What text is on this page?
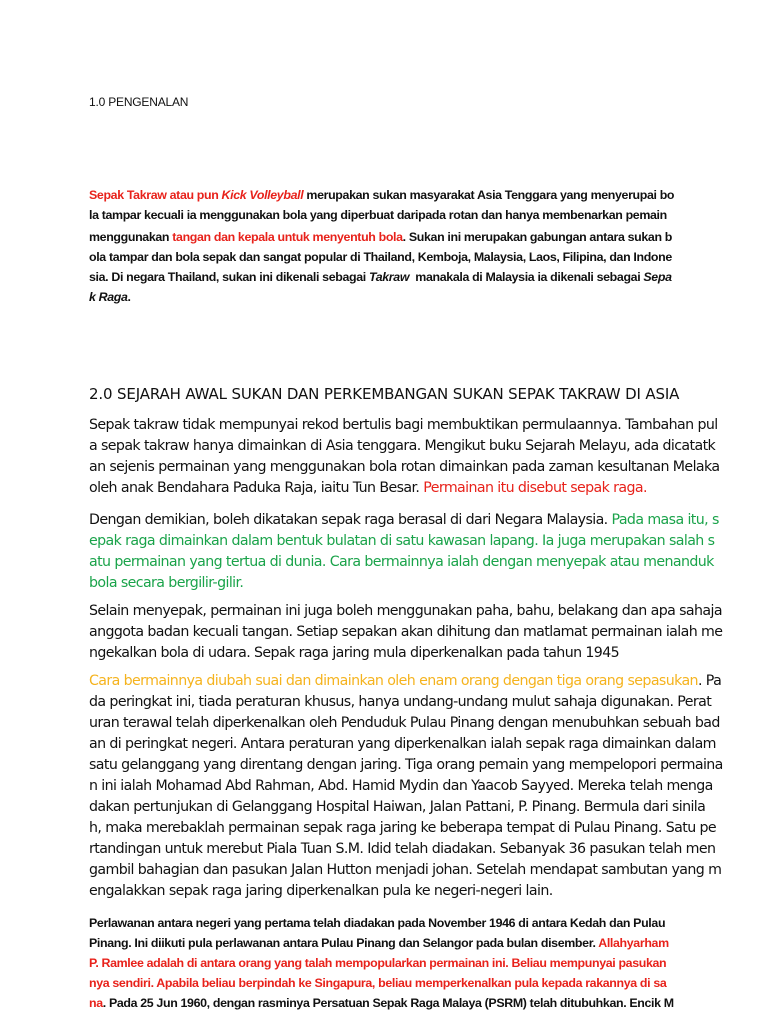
1.0 PENGENALAN
Sepak Takraw atau pun Kick Volleyball merupakan sukan masyarakat Asia Tenggara yang menyerupai bo
la tampar kecuali ia menggunakan bola yang diperbuat daripada rotan dan hanya membenarkan pemain
menggunakan tangan dan kepala untuk menyentuh bola. Sukan ini merupakan gabungan antara sukan b
ola tampar dan bola sepak dan sangat popular di Thailand, Kemboja, Malaysia, Laos, Filipina, dan Indone
sia. Di negara Thailand, sukan ini dikenali sebagai Takraw  manakala di Malaysia ia dikenali sebagai Sepa
k Raga.
2.0 SEJARAH AWAL SUKAN DAN PERKEMBANGAN SUKAN SEPAK TAKRAW DI ASIA
Sepak takraw tidak mempunyai rekod bertulis bagi membuktikan permulaannya. Tambahan pul
a sepak takraw hanya dimainkan di Asia tenggara. Mengikut buku Sejarah Melayu, ada dicatatk
an sejenis permainan yang menggunakan bola rotan dimainkan pada zaman kesultanan Melaka
oleh anak Bendahara Paduka Raja, iaitu Tun Besar. Permainan itu disebut sepak raga.
Dengan demikian, boleh dikatakan sepak raga berasal di dari Negara Malaysia. Pada masa itu, s
epak raga dimainkan dalam bentuk bulatan di satu kawasan lapang. Ia juga merupakan salah s
atu permainan yang tertua di dunia. Cara bermainnya ialah dengan menyepak atau menanduk
bola secara bergilir-gilir.
Selain menyepak, permainan ini juga boleh menggunakan paha, bahu, belakang dan apa sahaja
anggota badan kecuali tangan. Setiap sepakan akan dihitung dan matlamat permainan ialah me
ngekalkan bola di udara. Sepak raga jaring mula diperkenalkan pada tahun 1945
Cara bermainnya diubah suai dan dimainkan oleh enam orang dengan tiga orang sepasukan. Pa
da peringkat ini, tiada peraturan khusus, hanya undang-undang mulut sahaja digunakan. Perat
uran terawal telah diperkenalkan oleh Penduduk Pulau Pinang dengan menubuhkan sebuah bad
an di peringkat negeri. Antara peraturan yang diperkenalkan ialah sepak raga dimainkan dalam
satu gelanggang yang direntang dengan jaring. Tiga orang pemain yang mempelopori permaina
n ini ialah Mohamad Abd Rahman, Abd. Hamid Mydin dan Yaacob Sayyed. Mereka telah menga
dakan pertunjukan di Gelanggang Hospital Haiwan, Jalan Pattani, P. Pinang. Bermula dari sinila
h, maka merebaklah permainan sepak raga jaring ke beberapa tempat di Pulau Pinang. Satu pe
rtandingan untuk merebut Piala Tuan S.M. Idid telah diadakan. Sebanyak 36 pasukan telah men
gambil bahagian dan pasukan Jalan Hutton menjadi johan. Setelah mendapat sambutan yang m
engalakkan sepak raga jaring diperkenalkan pula ke negeri-negeri lain.
Perlawanan antara negeri yang pertama telah diadakan pada November 1946 di antara Kedah dan Pulau
Pinang. Ini diikuti pula perlawanan antara Pulau Pinang dan Selangor pada bulan disember. Allahyarham
P. Ramlee adalah di antara orang yang talah mempopularkan permainan ini. Beliau mempunyai pasukan
nya sendiri. Apabila beliau berpindah ke Singapura, beliau memperkenalkan pula kepada rakannya di sa
na. Pada 25 Jun 1960, dengan rasminya Persatuan Sepak Raga Malaya (PSRM) telah ditubuhkan. Encik M
